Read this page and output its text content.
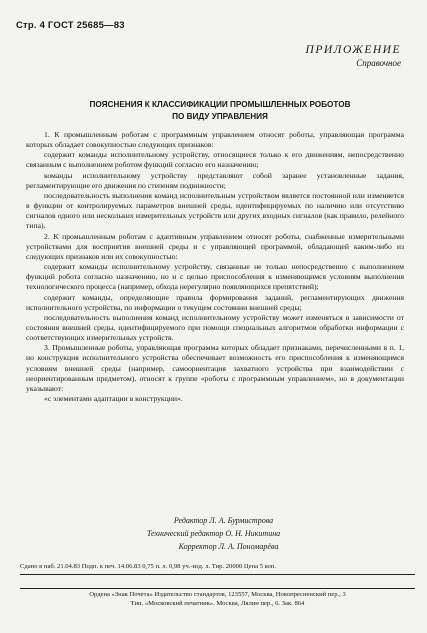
Стр. 4 ГОСТ 25685—83
ПРИЛОЖЕНИЕ
Справочное
ПОЯСНЕНИЯ К КЛАССИФИКАЦИИ ПРОМЫШЛЕННЫХ РОБОТОВ
ПО ВИДУ УПРАВЛЕНИЯ

1. К промышленным роботам с программным управлением относят роботы, управляющая программа которых обладает совокупностью следующих признаков:

содержит команды исполнительному устройству, относящиеся только к его движениям, непосредственно связанным с выполнением роботом функций согласно его назначению;

команды исполнительному устройству представляют собой заранее установленные задания, регламентирующие его движения по степеням подвижности;

последовательность выполнения команд исполнительным устройством является постоянной или изменяется в функции от контролируемых параметров внешней среды, идентифицируемых по наличию или отсутствию сигналов одного или нескольких измерительных устройств или других входных сигналов (как правило, релейного типа).

2. К промышленным роботам с адаптивным управлением относят роботы, снабженные измерительными устройствами для восприятия внешней среды и с управляющей программой, обладающей каким-либо из следующих признаков или их совокупностью:

содержит команды исполнительному устройству, связанные не только непосредственно с выполнением функций робота согласно назначению, но и с целью приспособления к изменяющимся условиям выполнения технологического процесса (например, обхода нерегулярно появляющихся препятствий);

содержит команды, определяющие правила формирования заданий, регламентирующих движения исполнительного устройства, по информации о текущем состоянии внешней среды;

последовательность выполнения команд исполнительному устройству может изменяться в зависимости от состояния внешней среды, идентифицируемого при помощи специальных алгоритмов обработки информации с соответствующих измерительных устройств.

3. Промышленные роботы, управляющая программа которых обладает признаками, перечисленными в п. 1, но конструкция исполнительного устройства обеспечивает возможность его приспособления к изменяющимся условиям внешней среды (например, самоориентация захватного устройства при взаимодействии с неориентированным предметом), относят к группе «роботы с программным управлением», но в документации указывают:

«с элементами адаптации в конструкции».

Редактор Л. А. Бурмистрова
Технический редактор О. Н. Никитина
Корректор Л. А. Пономарёва
Сдано в наб. 21.04.83 Подп. к печ. 14.06.83 0,75 п. л. 0,98 уч.-изд. л. Тир. 20000 Цена 5 коп.
Ордена «Знак Почета» Издательство стандартов, 123557, Москва, Новопресненский пер., 3
Тип. «Московский печатник». Москва, Лялин пер., 6. Зак. 864
